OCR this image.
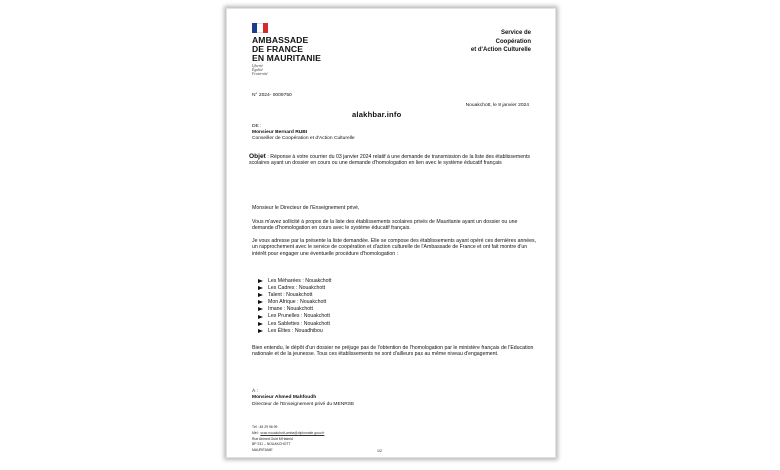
AMBASSADE
DE FRANCE
EN MAURITANIE
Liberté
Égalité
Fraternité
Service de
Coopération
et d'Action Culturelle
N° 2024- 0009750
Nouakchott, le 8 janvier 2024
alakhbar.info
DE :
Monsieur Bernard RUBI
Conseiller de Coopération et d'Action Culturelle
Objet : Réponse à votre courrier du 03 janvier 2024 relatif à une demande de transmission de la liste des établissements scolaires ayant un dossier en cours ou une demande d'homologation en lien avec le système éducatif français
Monsieur le Directeur de l'Enseignement privé,
Vous m'avez sollicité à propos de la liste des établissements scolaires privés de Mauritanie ayant un dossier ou une demande d'homologation en cours avec le système éducatif français.
Je vous adresse par la présente la liste demandée. Elle se compose des établissements ayant opéré ces dernières années, un rapprochement avec le service de coopération et d'action culturelle de l'Ambassade de France et ont fait montre d'un intérêt pour engager une éventuelle procédure d'homologation :
Les Méharées : Nouakchott
Les Cadres : Nouakchott
Talent : Nouakchott
Mon Afrique : Nouakchott
Imane : Nouakchott
Les Prunelles : Nouakchott
Les Sablettes : Nouakchott
Les Élites : Nouadhibou
Bien entendu, le dépôt d'un dossier ne préjuge pas de l'obtention de l'homologation par le ministère français de l'Education nationale et de la jeunesse. Tous ces établissements ne sont d'ailleurs pas au même niveau d'engagement.
À :
Monsieur Ahmed Mahfoudh
Directeur de l'Enseignement privé du MENRSE
Tél : 45 29 96 99
Mél : scac.nouakchott-amba@diplomatie.gouv.fr
Rue Ahmed Ould M'Haimid
BP 231 – NOUAKCHOTT
MAURITANIE	1/2
